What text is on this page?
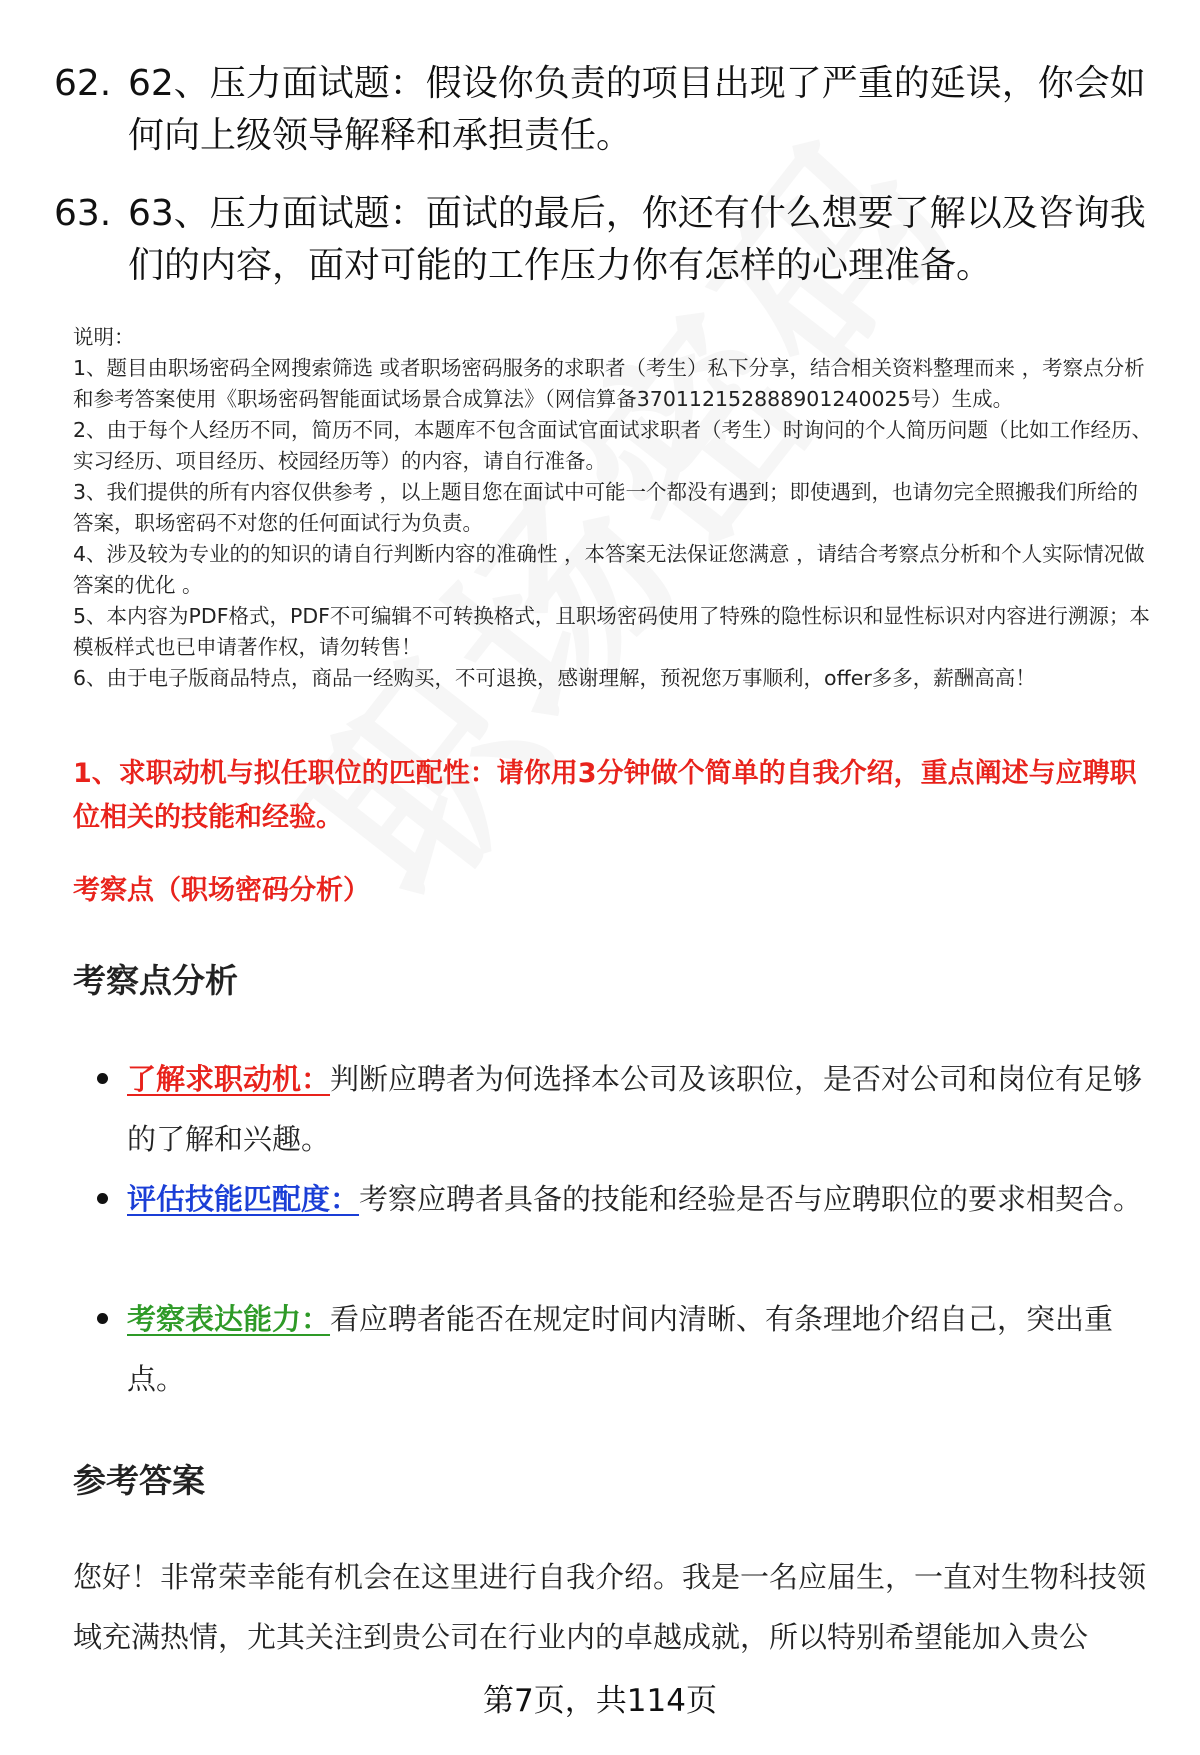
62. 62、压力面试题：假设你负责的项目出现了严重的延误，你会如何向上级领导解释和承担责任。
63. 63、压力面试题：面试的最后，你还有什么想要了解以及咨询我们的内容，面对可能的工作压力你有怎样的心理准备。

说明：

1、题目由职场密码全网搜索筛选 或者职场密码服务的求职者（考生）私下分享，结合相关资料整理而来 ，考察点分析和参考答案使用《职场密码智能面试场景合成算法》（网信算备370112152888901240025号）生成。

2、由于每个人经历不同，简历不同，本题库不包含面试官面试求职者（考生）时询问的个人简历问题（比如工作经历、实习经历、项目经历、校园经历等）的内容，请自行准备。

3、我们提供的所有内容仅供参考 ，以上题目您在面试中可能一个都没有遇到；即使遇到，也请勿完全照搬我们所给的答案，职场密码不对您的任何面试行为负责。

4、涉及较为专业的的知识的请自行判断内容的准确性 ，本答案无法保证您满意 ，请结合考察点分析和个人实际情况做答案的优化 。

5、本内容为PDF格式，PDF不可编辑不可转换格式，且职场密码使用了特殊的隐性标识和显性标识对内容进行溯源；本模板样式也已申请著作权，请勿转售！

6、由于电子版商品特点，商品一经购买，不可退换，感谢理解，预祝您万事顺利，offer多多，薪酬高高！

1、求职动机与拟任职位的匹配性：请你用3分钟做个简单的自我介绍，重点阐述与应聘职位相关的技能和经验。
考察点（职场密码分析）
考察点分析
了解求职动机：判断应聘者为何选择本公司及该职位，是否对公司和岗位有足够的了解和兴趣。
评估技能匹配度：考察应聘者具备的技能和经验是否与应聘职位的要求相契合。
考察表达能力：看应聘者能否在规定时间内清晰、有条理地介绍自己，突出重点。
参考答案
您好！非常荣幸能有机会在这里进行自我介绍。我是一名应届生，一直对生物科技领域充满热情，尤其关注到贵公司在行业内的卓越成就，所以特别希望能加入贵公
第7页，共114页
